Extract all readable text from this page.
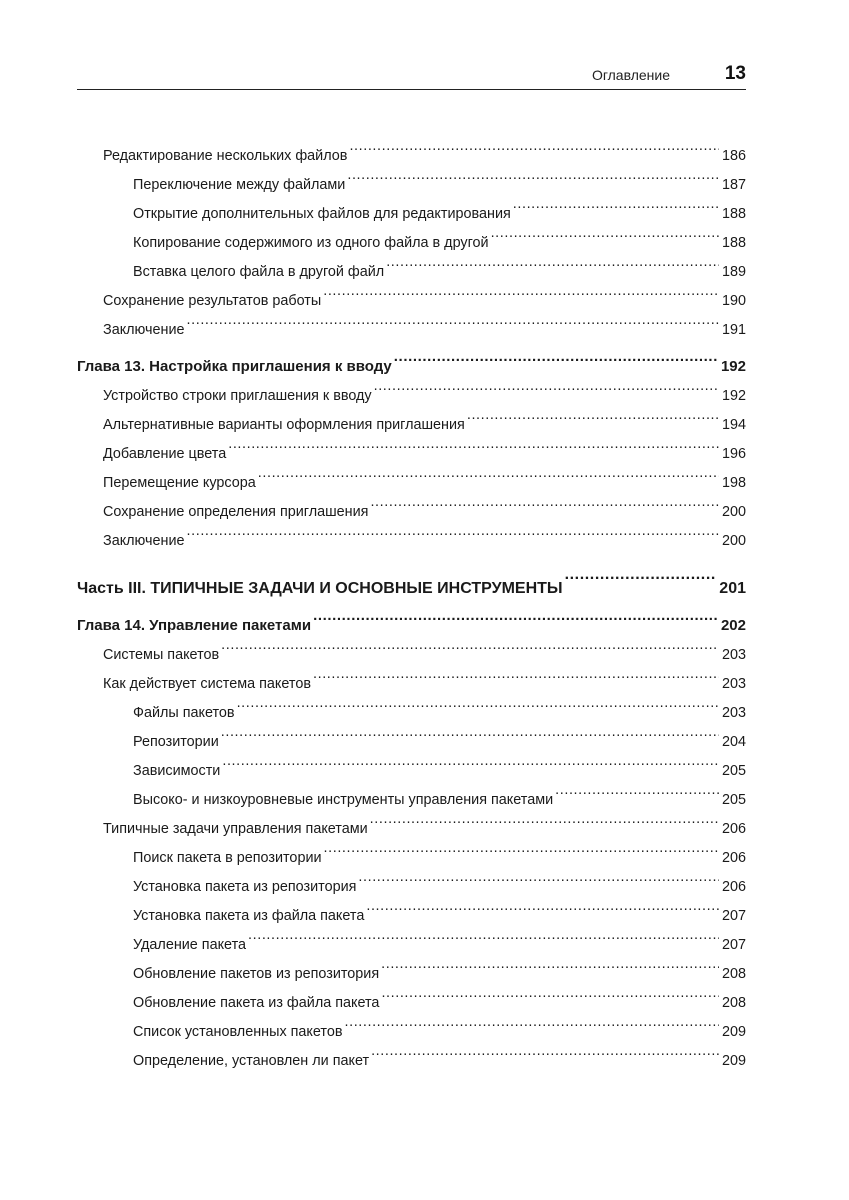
Оглавление	13
Редактирование нескольких файлов .....	186
Переключение между файлами .....	187
Открытие дополнительных файлов для редактирования .....	188
Копирование содержимого из одного файла в другой .....	188
Вставка целого файла в другой файл .....	189
Сохранение результатов работы .....	190
Заключение .....	191
Глава 13. Настройка приглашения к вводу .....	192
Устройство строки приглашения к вводу .....	192
Альтернативные варианты оформления приглашения .....	194
Добавление цвета .....	196
Перемещение курсора .....	198
Сохранение определения приглашения .....	200
Заключение .....	200
Часть III. ТИПИЧНЫЕ ЗАДАЧИ И ОСНОВНЫЕ ИНСТРУМЕНТЫ .....	201
Глава 14. Управление пакетами .....	202
Системы пакетов .....	203
Как действует система пакетов .....	203
Файлы пакетов .....	203
Репозитории .....	204
Зависимости .....	205
Высоко- и низкоуровневые инструменты управления пакетами .....	205
Типичные задачи управления пакетами .....	206
Поиск пакета в репозитории .....	206
Установка пакета из репозитория .....	206
Установка пакета из файла пакета .....	207
Удаление пакета .....	207
Обновление пакетов из репозитория .....	208
Обновление пакета из файла пакета .....	208
Список установленных пакетов .....	209
Определение, установлен ли пакет .....	209
